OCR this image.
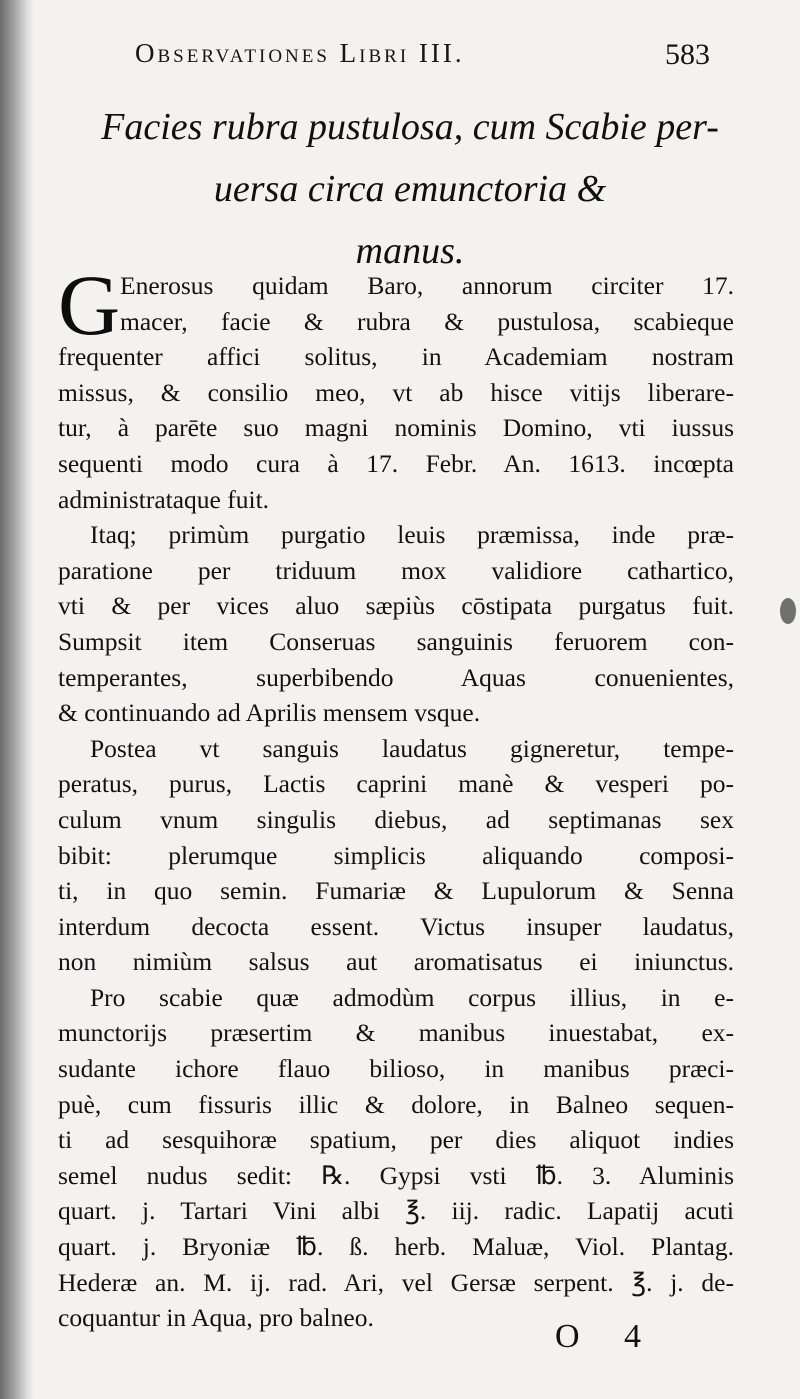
Observationes Libri III.	583
Facies rubra pustulosa, cum Scabie per-
uersa circa emunctoria &
manus.
G Enerosus quidam Baro, annorum circiter 17.
macer, facie & rubra & pustulosa, scabieque
frequenter affici solitus, in Academiam nostram
missus, & consilio meo, vt ab hisce vitijs liberare-
tur, à parēte suo magni nominis Domino, vti iussus
sequenti modo cura à 17. Febr. An. 1613. incœpta
administrataque fuit.
Itaq; primùm purgatio leuis præmissa, inde præ-
paratione per triduum mox validiore cathartico,
vti & per vices aluo sæpiùs cōstipata purgatus fuit.
Sumpsit item Conseruas sanguinis feruorem con-
temperantes, superbibendo Aquas conuenientes,
& continuando ad Aprilis mensem vsque.
Postea vt sanguis laudatus gigneretur, tempe-
peratus, purus, Lactis caprini manè & vesperi po-
culum vnum singulis diebus, ad septimanas sex
bibit: plerumque simplicis aliquando composi-
ti, in quo semin. Fumariæ & Lupulorum & Senna
interdum decocta essent. Victus insuper laudatus,
non nimiùm salsus aut aromatisatus ei iniunctus.
Pro scabie quæ admodùm corpus illius, in e-
munctorijs præsertim & manibus inuestabat, ex-
sudante ichore flauo bilioso, in manibus præci-
puè, cum fissuris illic & dolore, in Balneo sequen-
ti ad sesquihoræ spatium, per dies aliquot indies
semel nudus sedit: ℞. Gypsi vsti ℔. 3. Aluminis
quart. j. Tartari Vini albi ℥. iij. radic. Lapatij acuti
quart. j. Bryoniæ ℔. ß. herb. Maluæ, Viol. Plantag.
Hederæ an. M. ij. rad. Ari, vel Gersæ serpent. ℥. j. de-
coquantur in Aqua, pro balneo.
O 4
